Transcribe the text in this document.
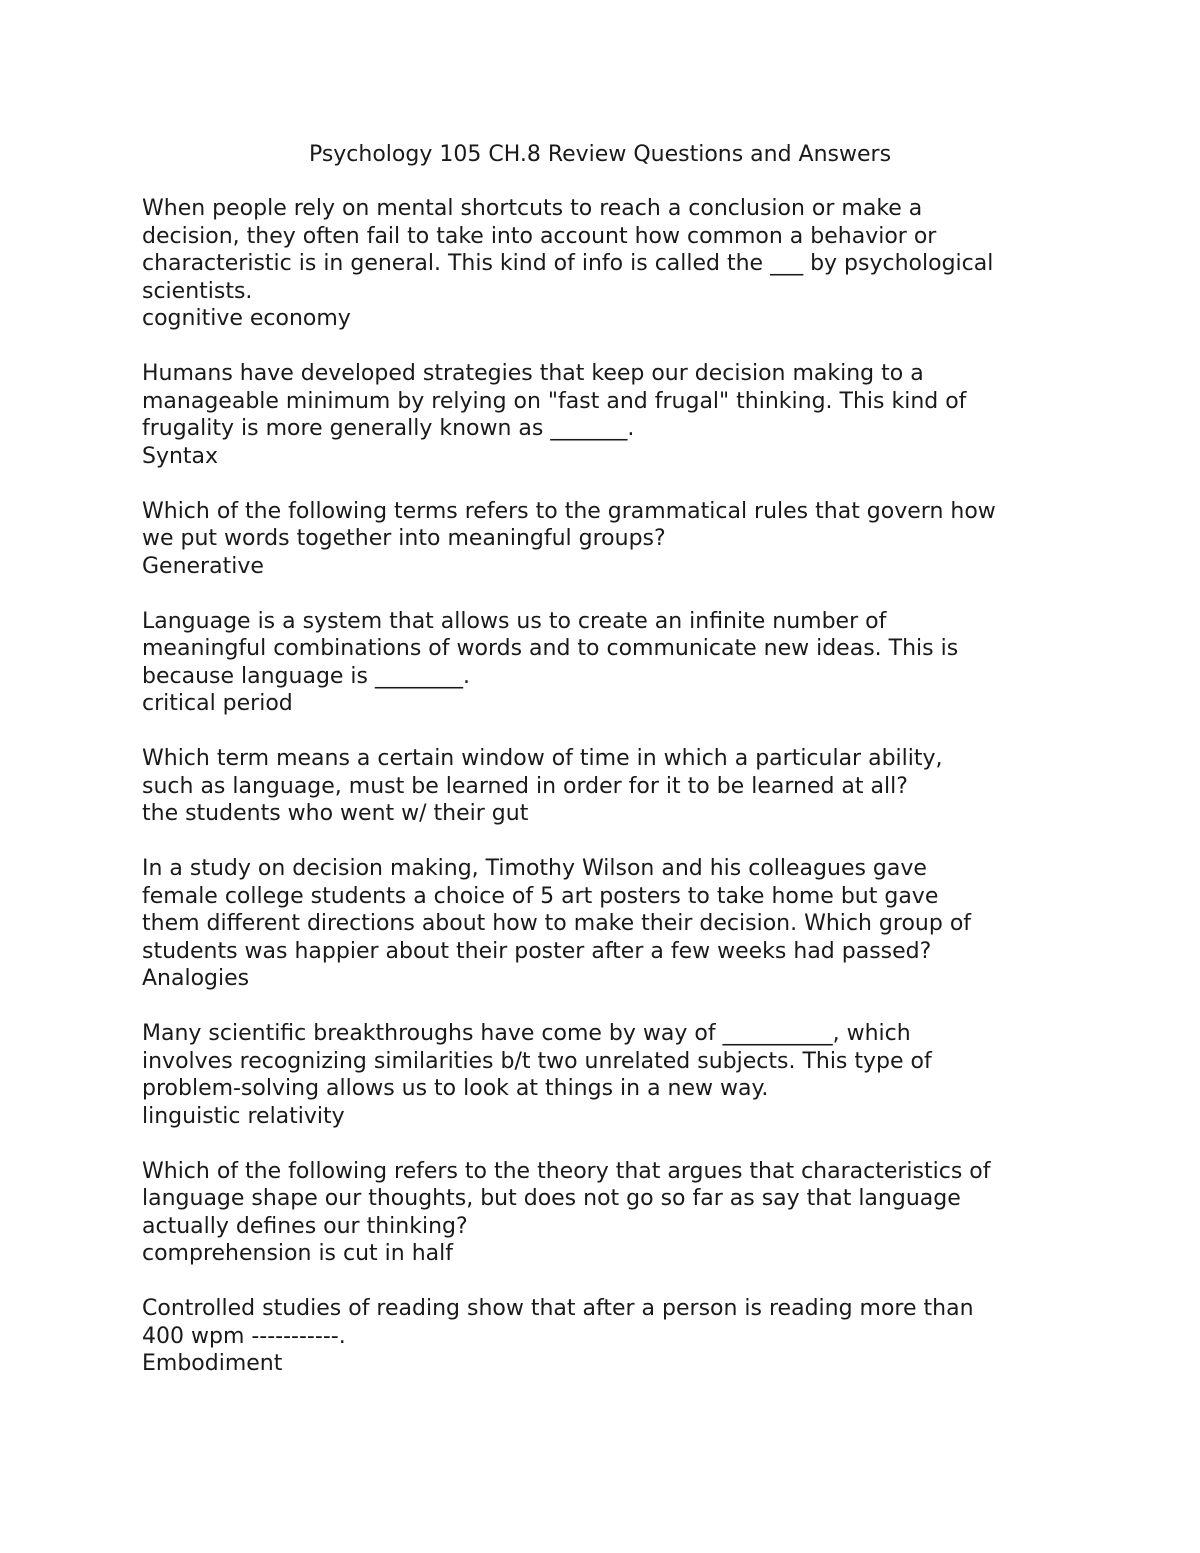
Psychology 105 CH.8 Review Questions and Answers
When people rely on mental shortcuts to reach a conclusion or make a
decision, they often fail to take into account how common a behavior or
characteristic is in general. This kind of info is called the ___ by psychological
scientists.
cognitive economy
Humans have developed strategies that keep our decision making to a
manageable minimum by relying on "fast and frugal" thinking. This kind of
frugality is more generally known as _______.
Syntax
Which of the following terms refers to the grammatical rules that govern how
we put words together into meaningful groups?
Generative
Language is a system that allows us to create an infinite number of
meaningful combinations of words and to communicate new ideas. This is
because language is ________.
critical period
Which term means a certain window of time in which a particular ability,
such as language, must be learned in order for it to be learned at all?
the students who went w/ their gut
In a study on decision making, Timothy Wilson and his colleagues gave
female college students a choice of 5 art posters to take home but gave
them different directions about how to make their decision. Which group of
students was happier about their poster after a few weeks had passed?
Analogies
Many scientific breakthroughs have come by way of __________, which
involves recognizing similarities b/t two unrelated subjects. This type of
problem-solving allows us to look at things in a new way.
linguistic relativity
Which of the following refers to the theory that argues that characteristics of
language shape our thoughts, but does not go so far as say that language
actually defines our thinking?
comprehension is cut in half
Controlled studies of reading show that after a person is reading more than
400 wpm -----------.
Embodiment
